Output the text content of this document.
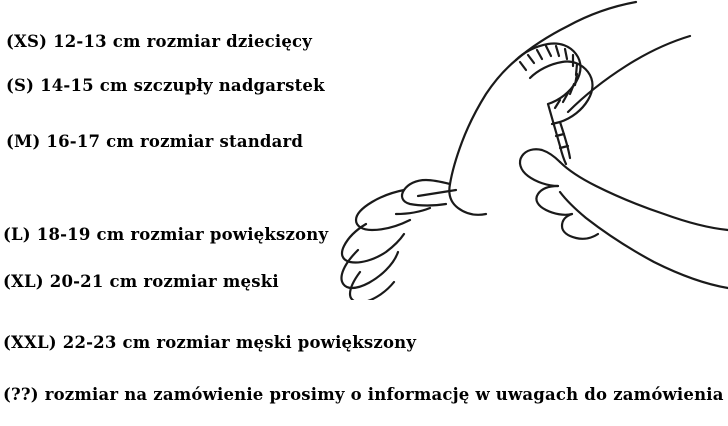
(XS) 12-13 cm rozmiar dziecięcy
(S) 14-15 cm szczupły nadgarstek
(M) 16-17 cm rozmiar standard
(L) 18-19 cm rozmiar powiększony
(XL) 20-21 cm rozmiar męski
(XXL) 22-23 cm rozmiar męski powiększony
(??) rozmiar na zamówienie prosimy o informację w uwagach do zamówienia
